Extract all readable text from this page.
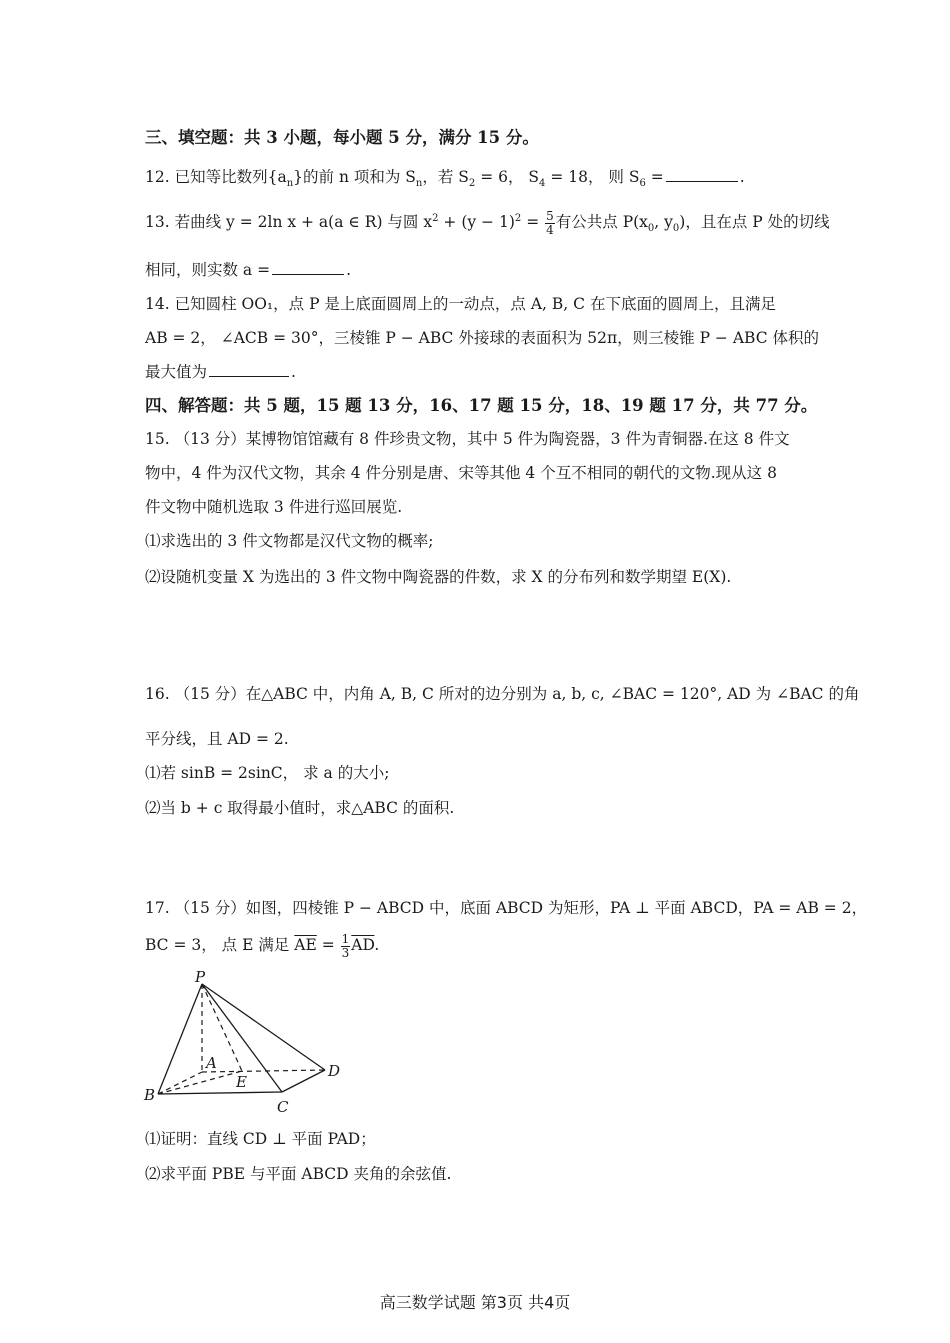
三、填空题：共 3 小题，每小题 5 分，满分 15 分。
12. 已知等比数列$\{a_n\}$的前 n 项和为 $S_n$，若 $S_2 = 6$， $S_4 = 18$， 则 $S_6$ =	.
13. 若曲线 y = 2ln x + a(a ∈ R) 与圆 $x^2 + (y - 1)^2 = \frac{5}{4}$ 有公共点 $P(x_0$, $y_0$)，且在点 P 处的切线
相同，则实数 a =	.
14. 已知圆柱 OO₁，点 P 是上底面圆周上的一动点，点 A, B, C 在下底面的圆周上，且满足
AB = 2， ∠ACB = 30°，三棱锥 P − ABC 外接球的表面积为 52π，则三棱锥 P − ABC 体积的
最大值为	.
四、解答题：共 5 题，15 题 13 分，16、17 题 15 分，18、19 题 17 分，共 77 分。
15. （13 分）某博物馆馆藏有 8 件珍贵文物，其中 5 件为陶瓷器，3 件为青铜器.在这 8 件文
物中，4 件为汉代文物，其余 4 件分别是唐、宋等其他 4 个互不相同的朝代的文物.现从这 8
件文物中随机选取 3 件进行巡回展览.
⑴求选出的 3 件文物都是汉代文物的概率;
⑵设随机变量 X 为选出的 3 件文物中陶瓷器的件数，求 X 的分布列和数学期望 E(X).
16. （15 分）在△ABC 中，内角 A, B, C 所对的边分别为 a, b, c, ∠BAC = 120°, AD 为 ∠BAC 的角
平分线，且 AD = 2.
⑴若 sinB = 2sinC， 求 a 的大小;
⑵当 b + c 取得最小值时，求△ABC 的面积.
17. （15 分）如图，四棱锥 P − ABCD 中，底面 ABCD 为矩形，PA ⊥ 平面 ABCD，PA = AB = 2，
BC = 3， 点 E 满足 $\overline{AE} = \frac{1}{3} \overline{AD}$.
P
A
B
C
D
E
⑴证明：直线 CD ⊥ 平面 PAD；
⑵求平面 PBE 与平面 ABCD 夹角的余弦值.
高三数学试题 第3页 共4页
